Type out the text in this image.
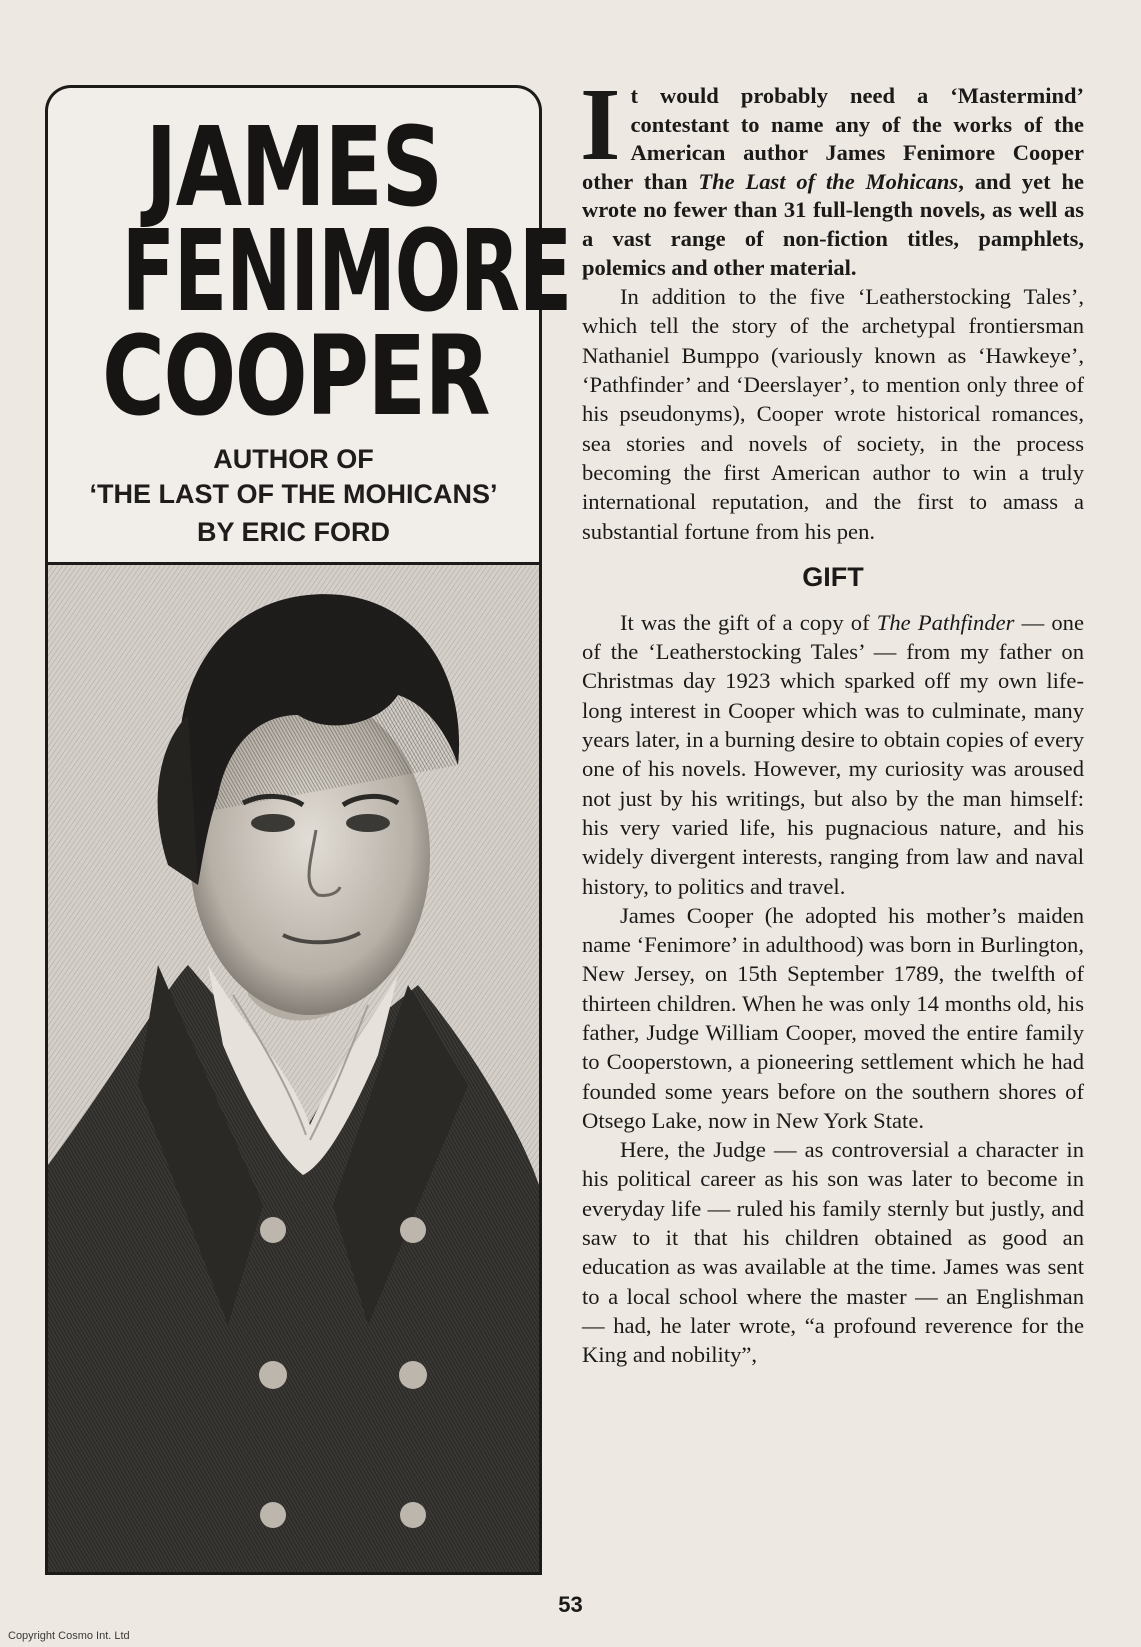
JAMES
FENIMORE
COOPER
AUTHOR OF
‘THE LAST OF THE MOHICANS’
BY ERIC FORD

It would probably need a ‘Mastermind’ contestant to name any of the works of the American author James Fenimore Cooper other than The Last of the Mohicans, and yet he wrote no fewer than 31 full-length novels, as well as a vast range of non-fiction titles, pamphlets, polemics and other material.

In addition to the five ‘Leatherstocking Tales’, which tell the story of the archetypal frontiersman Nathaniel Bumppo (variously known as ‘Hawkeye’, ‘Pathfinder’ and ‘Deerslayer’, to mention only three of his pseudonyms), Cooper wrote historical romances, sea stories and novels of society, in the process becoming the first American author to win a truly international reputation, and the first to amass a substantial fortune from his pen.

GIFT

It was the gift of a copy of The Pathfinder — one of the ‘Leatherstocking Tales’ — from my father on Christmas day 1923 which sparked off my own life-long interest in Cooper which was to culminate, many years later, in a burning desire to obtain copies of every one of his novels. However, my curiosity was aroused not just by his writings, but also by the man himself: his very varied life, his pugnacious nature, and his widely divergent interests, ranging from law and naval history, to politics and travel.

James Cooper (he adopted his mother’s maiden name ‘Fenimore’ in adulthood) was born in Burlington, New Jersey, on 15th September 1789, the twelfth of thirteen children. When he was only 14 months old, his father, Judge William Cooper, moved the entire family to Cooperstown, a pioneering settlement which he had founded some years before on the southern shores of Otsego Lake, now in New York State.

Here, the Judge — as controversial a character in his political career as his son was later to become in everyday life — ruled his family sternly but justly, and saw to it that his children obtained as good an education as was available at the time. James was sent to a local school where the master — an Englishman — had, he later wrote, “a profound reverence for the King and nobility”,

53
Copyright Cosmo Int. Ltd
